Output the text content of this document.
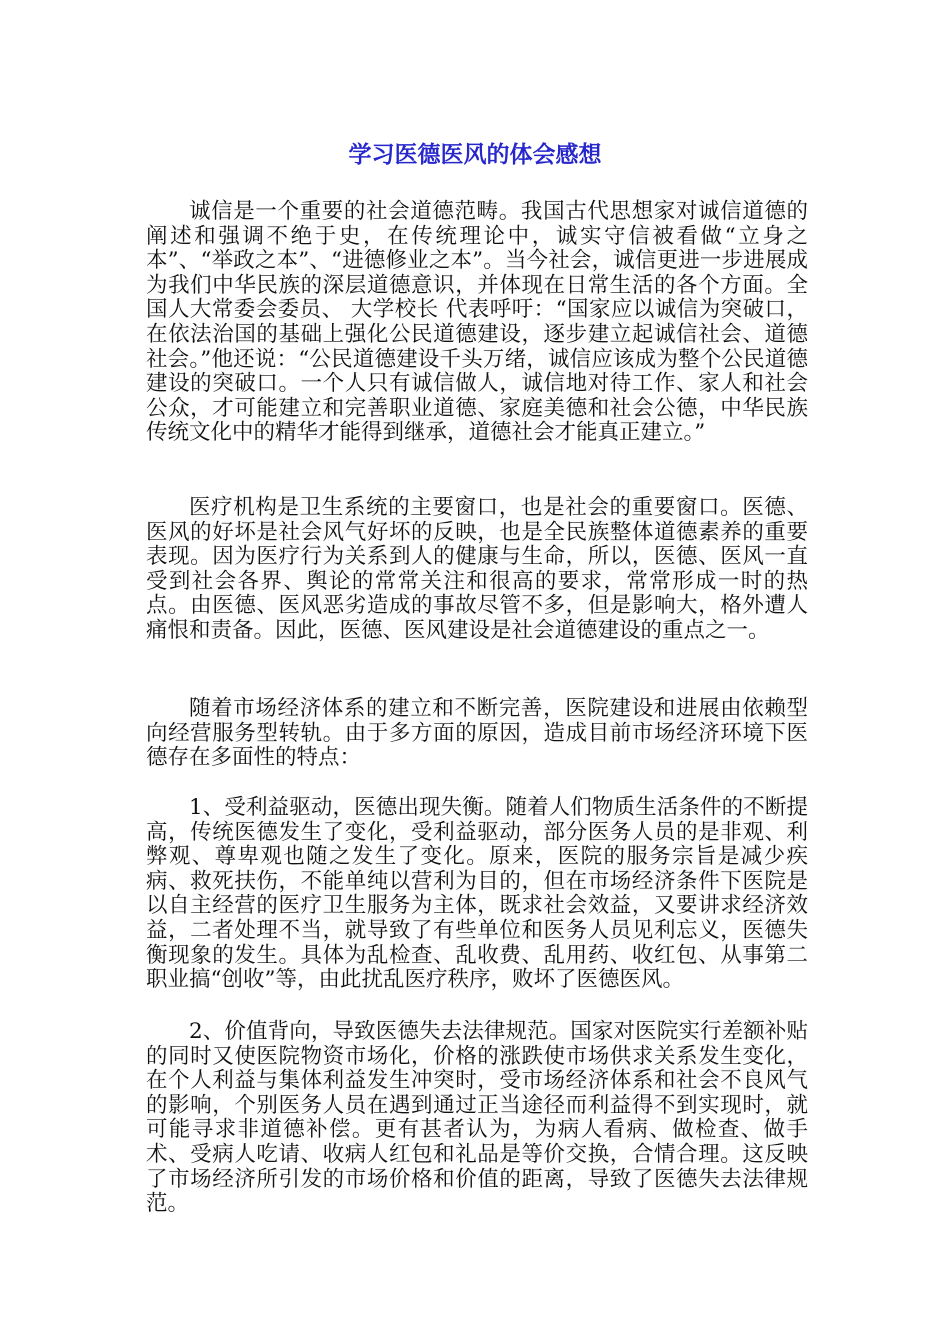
学习医德医风的体会感想

诚信是一个重要的社会道德范畴。我国古代思想家对诚信道德的阐述和强调不绝于史，在传统理论中，诚实守信被看做“立身之本”、“举政之本”、“进德修业之本”。当今社会，诚信更进一步进展成为我们中华民族的深层道德意识，并体现在日常生活的各个方面。全国人大常委会委员、 大学校长 代表呼吁：“国家应以诚信为突破口，在依法治国的基础上强化公民道德建设，逐步建立起诚信社会、道德社会。”他还说：“公民道德建设千头万绪，诚信应该成为整个公民道德建设的突破口。一个人只有诚信做人，诚信地对待工作、家人和社会公众，才可能建立和完善职业道德、家庭美德和社会公德，中华民族传统文化中的精华才能得到继承，道德社会才能真正建立。”

医疗机构是卫生系统的主要窗口，也是社会的重要窗口。医德、医风的好坏是社会风气好坏的反映，也是全民族整体道德素养的重要表现。因为医疗行为关系到人的健康与生命，所以，医德、医风一直受到社会各界、舆论的常常关注和很高的要求，常常形成一时的热点。由医德、医风恶劣造成的事故尽管不多，但是影响大，格外遭人痛恨和责备。因此，医德、医风建设是社会道德建设的重点之一。

随着市场经济体系的建立和不断完善，医院建设和进展由依赖型向经营服务型转轨。由于多方面的原因，造成目前市场经济环境下医德存在多面性的特点：

1、受利益驱动，医德出现失衡。随着人们物质生活条件的不断提高，传统医德发生了变化，受利益驱动，部分医务人员的是非观、利弊观、尊卑观也随之发生了变化。原来，医院的服务宗旨是减少疾病、救死扶伤，不能单纯以营利为目的，但在市场经济条件下医院是以自主经营的医疗卫生服务为主体，既求社会效益，又要讲求经济效益，二者处理不当，就导致了有些单位和医务人员见利忘义，医德失衡现象的发生。具体为乱检查、乱收费、乱用药、收红包、从事第二职业搞“创收”等，由此扰乱医疗秩序，败坏了医德医风。

2、价值背向，导致医德失去法律规范。国家对医院实行差额补贴的同时又使医院物资市场化，价格的涨跌使市场供求关系发生变化，在个人利益与集体利益发生冲突时，受市场经济体系和社会不良风气的影响，个别医务人员在遇到通过正当途径而利益得不到实现时，就可能寻求非道德补偿。更有甚者认为，为病人看病、做检查、做手术、受病人吃请、收病人红包和礼品是等价交换，合情合理。这反映了市场经济所引发的市场价格和价值的距离，导致了医德失去法律规范。
